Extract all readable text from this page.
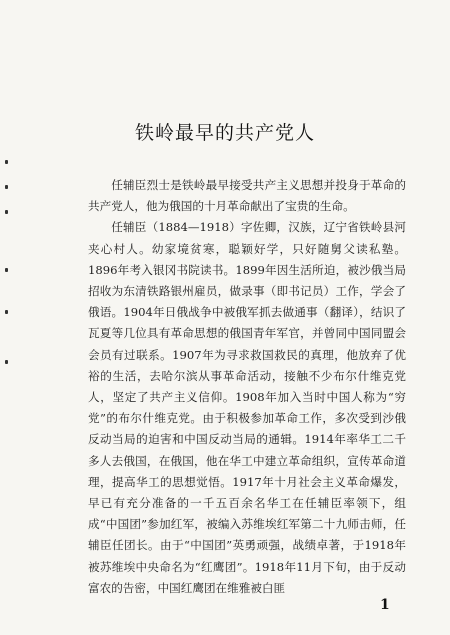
铁岭最早的共产党人

任辅臣烈士是铁岭最早接受共产主义思想并投身于革命的共产党人，他为俄国的十月革命献出了宝贵的生命。

任辅臣（1884—1918）字佐卿，汉族，辽宁省铁岭县河夹心村人。幼家境贫寒，聪颖好学，只好随舅父读私塾。1896年考入银冈书院读书。1899年因生活所迫，被沙俄当局招收为东清铁路银州雇员，做录事（即书记员）工作，学会了俄语。1904年日俄战争中被俄军抓去做通事（翻译），结识了瓦夏等几位具有革命思想的俄国青年军官，并曾同中国同盟会会员有过联系。1907年为寻求救国救民的真理，他放弃了优裕的生活，去哈尔滨从事革命活动，接触不少布尔什维克党人，坚定了共产主义信仰。1908年加入当时中国人称为“穷党”的布尔什维克党。由于积极参加革命工作，多次受到沙俄反动当局的迫害和中国反动当局的通辑。1914年率华工二千多人去俄国，在俄国，他在华工中建立革命组织，宣传革命道理，提高华工的思想觉悟。1917年十月社会主义革命爆发，早已有充分准备的一千五百余名华工在任辅臣率领下，组成“中国团”参加红军，被编入苏维埃红军第二十九师击师，任辅臣任团长。由于“中国团”英勇顽强，战绩卓著，于1918年被苏维埃中央命名为“红鹰团”。1918年11月下旬，由于反动富农的告密，中国红鹰团在维雅被白匪

1
